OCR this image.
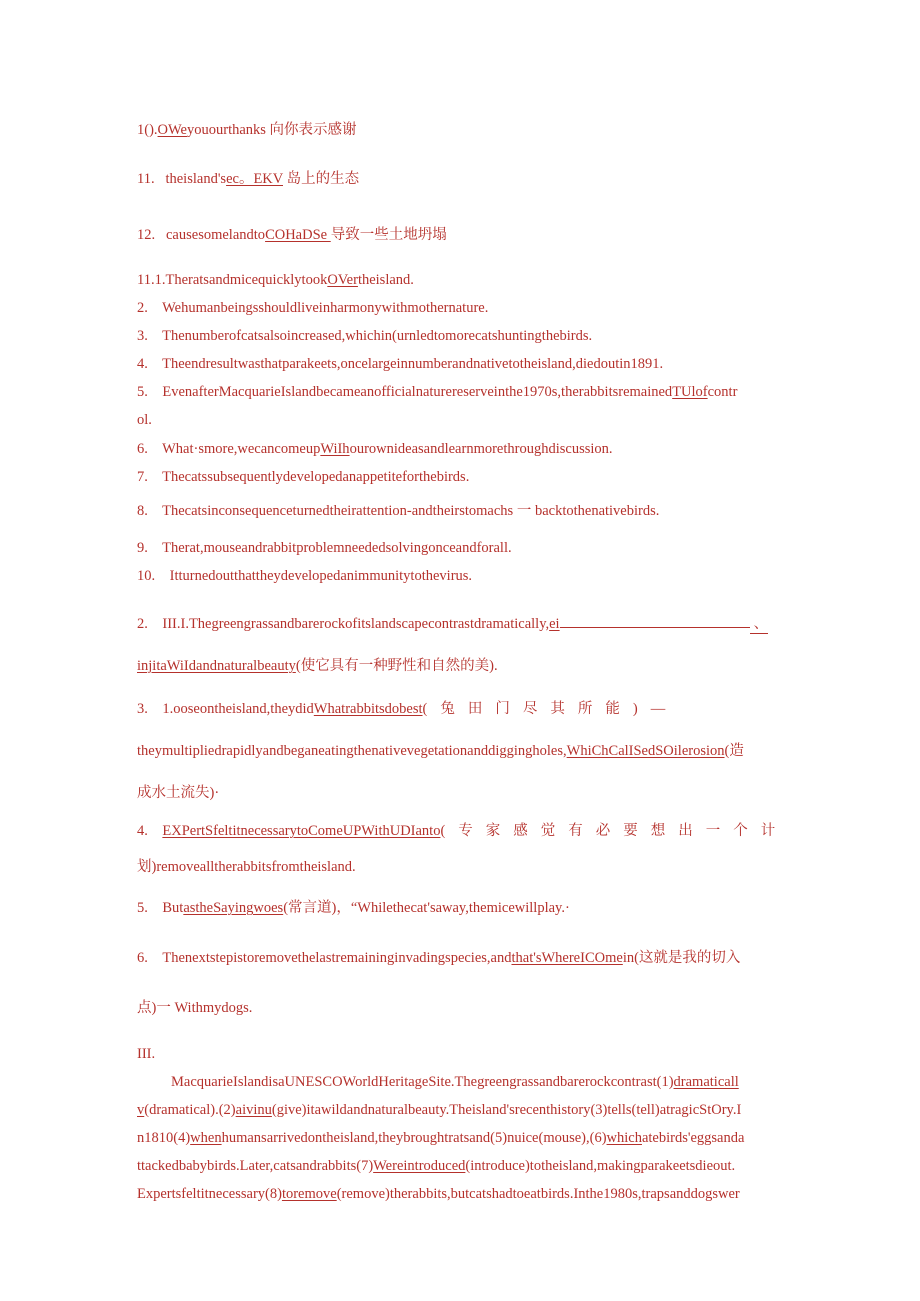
1().OWeyouourthanks 向你表示感谢
11. theisland'sec。EKV 岛上的生态
12. causesomelandtoCOHaDSe 导致一些土地坍塌
11.1.TheratsandmicequicklytookOVertheisland.
2.    Wehumanbeingsshouldliveinharmonywithmothernature.
3.    Thenumberofcatsalsoincreased,whichin(urnledtomorecatshuntingthebirds.
4.    Theendresultwasthatparakeets,oncelargeinnumberandnativetotheisland,diedoutin1891.
5.    EvenafterMacquarieIslandbecameanofficialnaturereserveinthe1970s,therabbitsremainedTUlofcontr
ol.
6.    What·smore,wecancomeupWiIhourownideasandlearnmorethroughdiscussion.
7.    Thecatssubsequentlydevelopedanappetiteforthebirds.
8.    Thecatsinconsequenceturnedtheirattention-andtheirstomachs 一 backtothenativebirds.
9.    Therat,mouseandrabbitproblemneededsolvingonceandforall.
10.    Itturnedoutthattheydevelopedanimmunitytothevirus.
2. III.I.Thegreengrassandbarerockofitslandscapecontrastdramatically,ei	、
injitaWiIdandnaturalbeauty(使它具有一种野性和自然的美).
3. 1.ooseontheisland,theydidWhatrabbitsdobest(兔田门尽其所能)—
theymultipliedrapidlyandbeganeatingthenativevegetationanddiggingholes,WhiChCalISedSOilerosion(造
成水土流失)·
4. EXPertSfeltitnecessarytoComeUPWithUDIanto(专家感觉有必要想出一个计
划)removealltherabbitsfromtheisland.
5. ButastheSayingwoes(常言道)，“Whilethecat'saway,themicewillplay.·
6. Thenextstepistoremovethelastremaininginvadingspecies,andthat'sWhereICOmein(这就是我的切入
点)一 Withmydogs.
III.
MacquarieIslandisaUNESCOWorldHeritageSite.Thegreengrassandbarerockcontrast(1)dramaticall
v(dramatical).(2)aivinu(give)itawildandnaturalbeauty.Theisland'srecenthistory(3)tells(tell)atragicStOry.I
n1810(4)whenhumansarrivedontheisland,theybroughtratsand(5)nuice(mouse),(6)whichatebirds'eggsanda
ttackedbabybirds.Later,catsandrabbits(7)Wereintroduced(introduce)totheisland,makingparakeetsdieout.
Expertsfeltitnecessary(8)toremove(remove)therabbits,butcatshadtoeatbirds.Inthe1980s,trapsanddogswer
